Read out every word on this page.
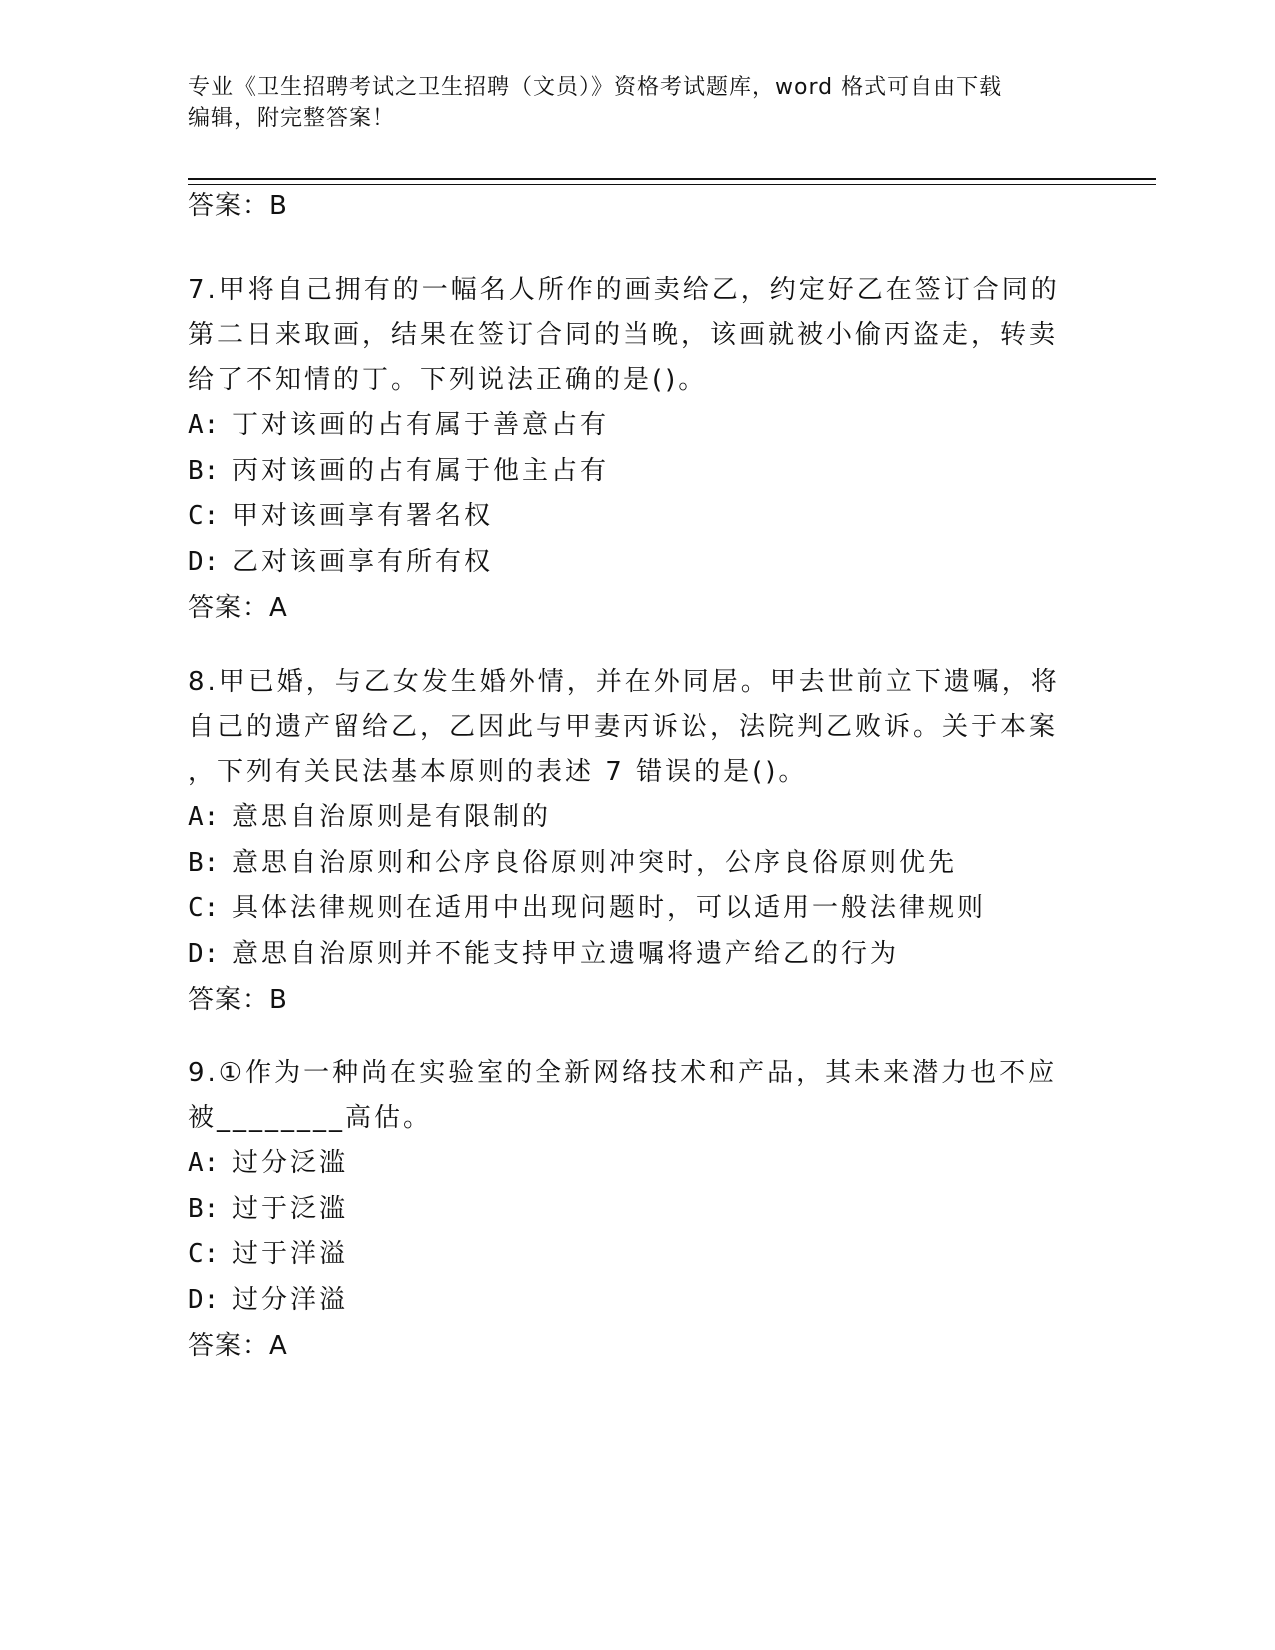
专业《卫生招聘考试之卫生招聘（文员）》资格考试题库，word 格式可自由下载
编辑，附完整答案！
答案：B

7.甲将自己拥有的一幅名人所作的画卖给乙，约定好乙在签订合同的

第二日来取画，结果在签订合同的当晚，该画就被小偷丙盗走，转卖

给了不知情的丁。下列说法正确的是()。

A: 丁对该画的占有属于善意占有

B: 丙对该画的占有属于他主占有

C: 甲对该画享有署名权

D: 乙对该画享有所有权

答案：A

8.甲已婚，与乙女发生婚外情，并在外同居。甲去世前立下遗嘱，将

自己的遗产留给乙，乙因此与甲妻丙诉讼，法院判乙败诉。关于本案

，下列有关民法基本原则的表述 7 错误的是()。

A: 意思自治原则是有限制的

B: 意思自治原则和公序良俗原则冲突时，公序良俗原则优先

C: 具体法律规则在适用中出现问题时，可以适用一般法律规则

D: 意思自治原则并不能支持甲立遗嘱将遗产给乙的行为

答案：B

9.①作为一种尚在实验室的全新网络技术和产品，其未来潜力也不应

被________高估。

A: 过分泛滥

B: 过于泛滥

C: 过于洋溢

D: 过分洋溢

答案：A
